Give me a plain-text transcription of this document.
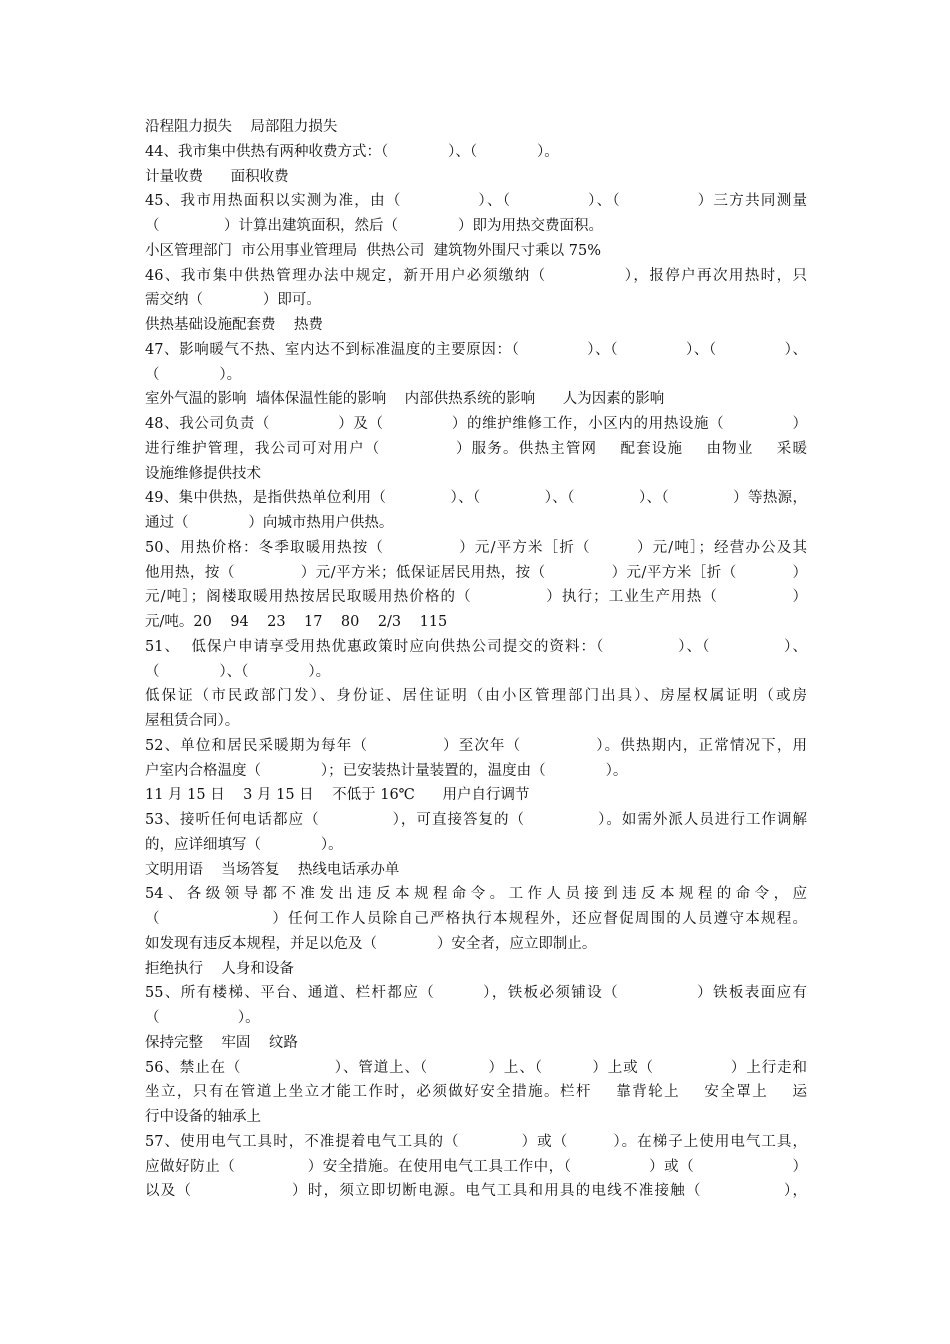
沿程阻力损失    局部阻力损失
44、我市集中供热有两种收费方式：（             ）、（             ）。
计量收费      面积收费
45、我市用热面积以实测为准，由（             ）、（             ）、（             ）三方共同测量
（              ）计算出建筑面积，然后（             ）即为用热交费面积。
小区管理部门  市公用事业管理局  供热公司  建筑物外围尺寸乘以 75%
46、我市集中供热管理办法中规定，新开用户必须缴纳（             ），报停户再次用热时，只
需交纳（             ）即可。
供热基础设施配套费    热费
47、影响暖气不热、室内达不到标准温度的主要原因：（             ）、（             ）、（             ）、
（             ）。
室外气温的影响  墙体保温性能的影响    内部供热系统的影响      人为因素的影响
48、我公司负责（             ）及（             ）的维护维修工作，小区内的用热设施（             ）
进行维护管理，我公司可对用户（             ）服务。供热主管网    配套设施    由物业    采暖
设施维修提供技术
49、集中供热，是指供热单位利用（             ）、（             ）、（             ）、（             ）等热源，
通过（             ）向城市热用户供热。
50、用热价格：冬季取暖用热按（             ）元/平方米［折（        ）元/吨］；经营办公及其
他用热，按（             ）元/平方米；低保证居民用热，按（             ）元/平方米［折（           ）
元/吨］；阁楼取暖用热按居民取暖用热价格的（             ）执行；工业生产用热（             ）
元/吨。20    94    23    17    80    2/3    115
51、  低保户申请享受用热优惠政策时应向供热公司提交的资料：（             ）、（             ）、
（             ）、（             ）。
低保证（市民政部门发）、身份证、居住证明（由小区管理部门出具）、房屋权属证明（或房
屋租赁合同）。
52、单位和居民采暖期为每年（             ）至次年（             ）。供热期内，正常情况下，用
户室内合格温度（             ）；已安装热计量装置的，温度由（             ）。
11 月 15 日    3 月 15 日    不低于 16℃      用户自行调节
53、接听任何电话都应（             ），可直接答复的（             ）。如需外派人员进行工作调解
的，应详细填写（             ）。
文明用语    当场答复    热线电话承办单
54、各级领导都不准发出违反本规程命令。工作人员接到违反本规程的命令，应
（                   ）任何工作人员除自己严格执行本规程外，还应督促周围的人员遵守本规程。
如发现有违反本规程，并足以危及（             ）安全者，应立即制止。
拒绝执行    人身和设备
55、所有楼梯、平台、通道、栏杆都应（        ），铁板必须铺设（             ）铁板表面应有
（                 ）。
保持完整    牢固    纹路
56、禁止在（                 ）、管道上、（           ）上、（         ）上或（              ）上行走和
坐立，只有在管道上坐立才能工作时，必须做好安全措施。栏杆    靠背轮上    安全罩上    运
行中设备的轴承上
57、使用电气工具时，不准提着电气工具的（           ）或（        ）。在梯子上使用电气工具，
应做好防止（              ）安全措施。在使用电气工具工作中，（               ）或（                   ）
以及（                 ）时，须立即切断电源。电气工具和用具的电线不准接触（              ），
